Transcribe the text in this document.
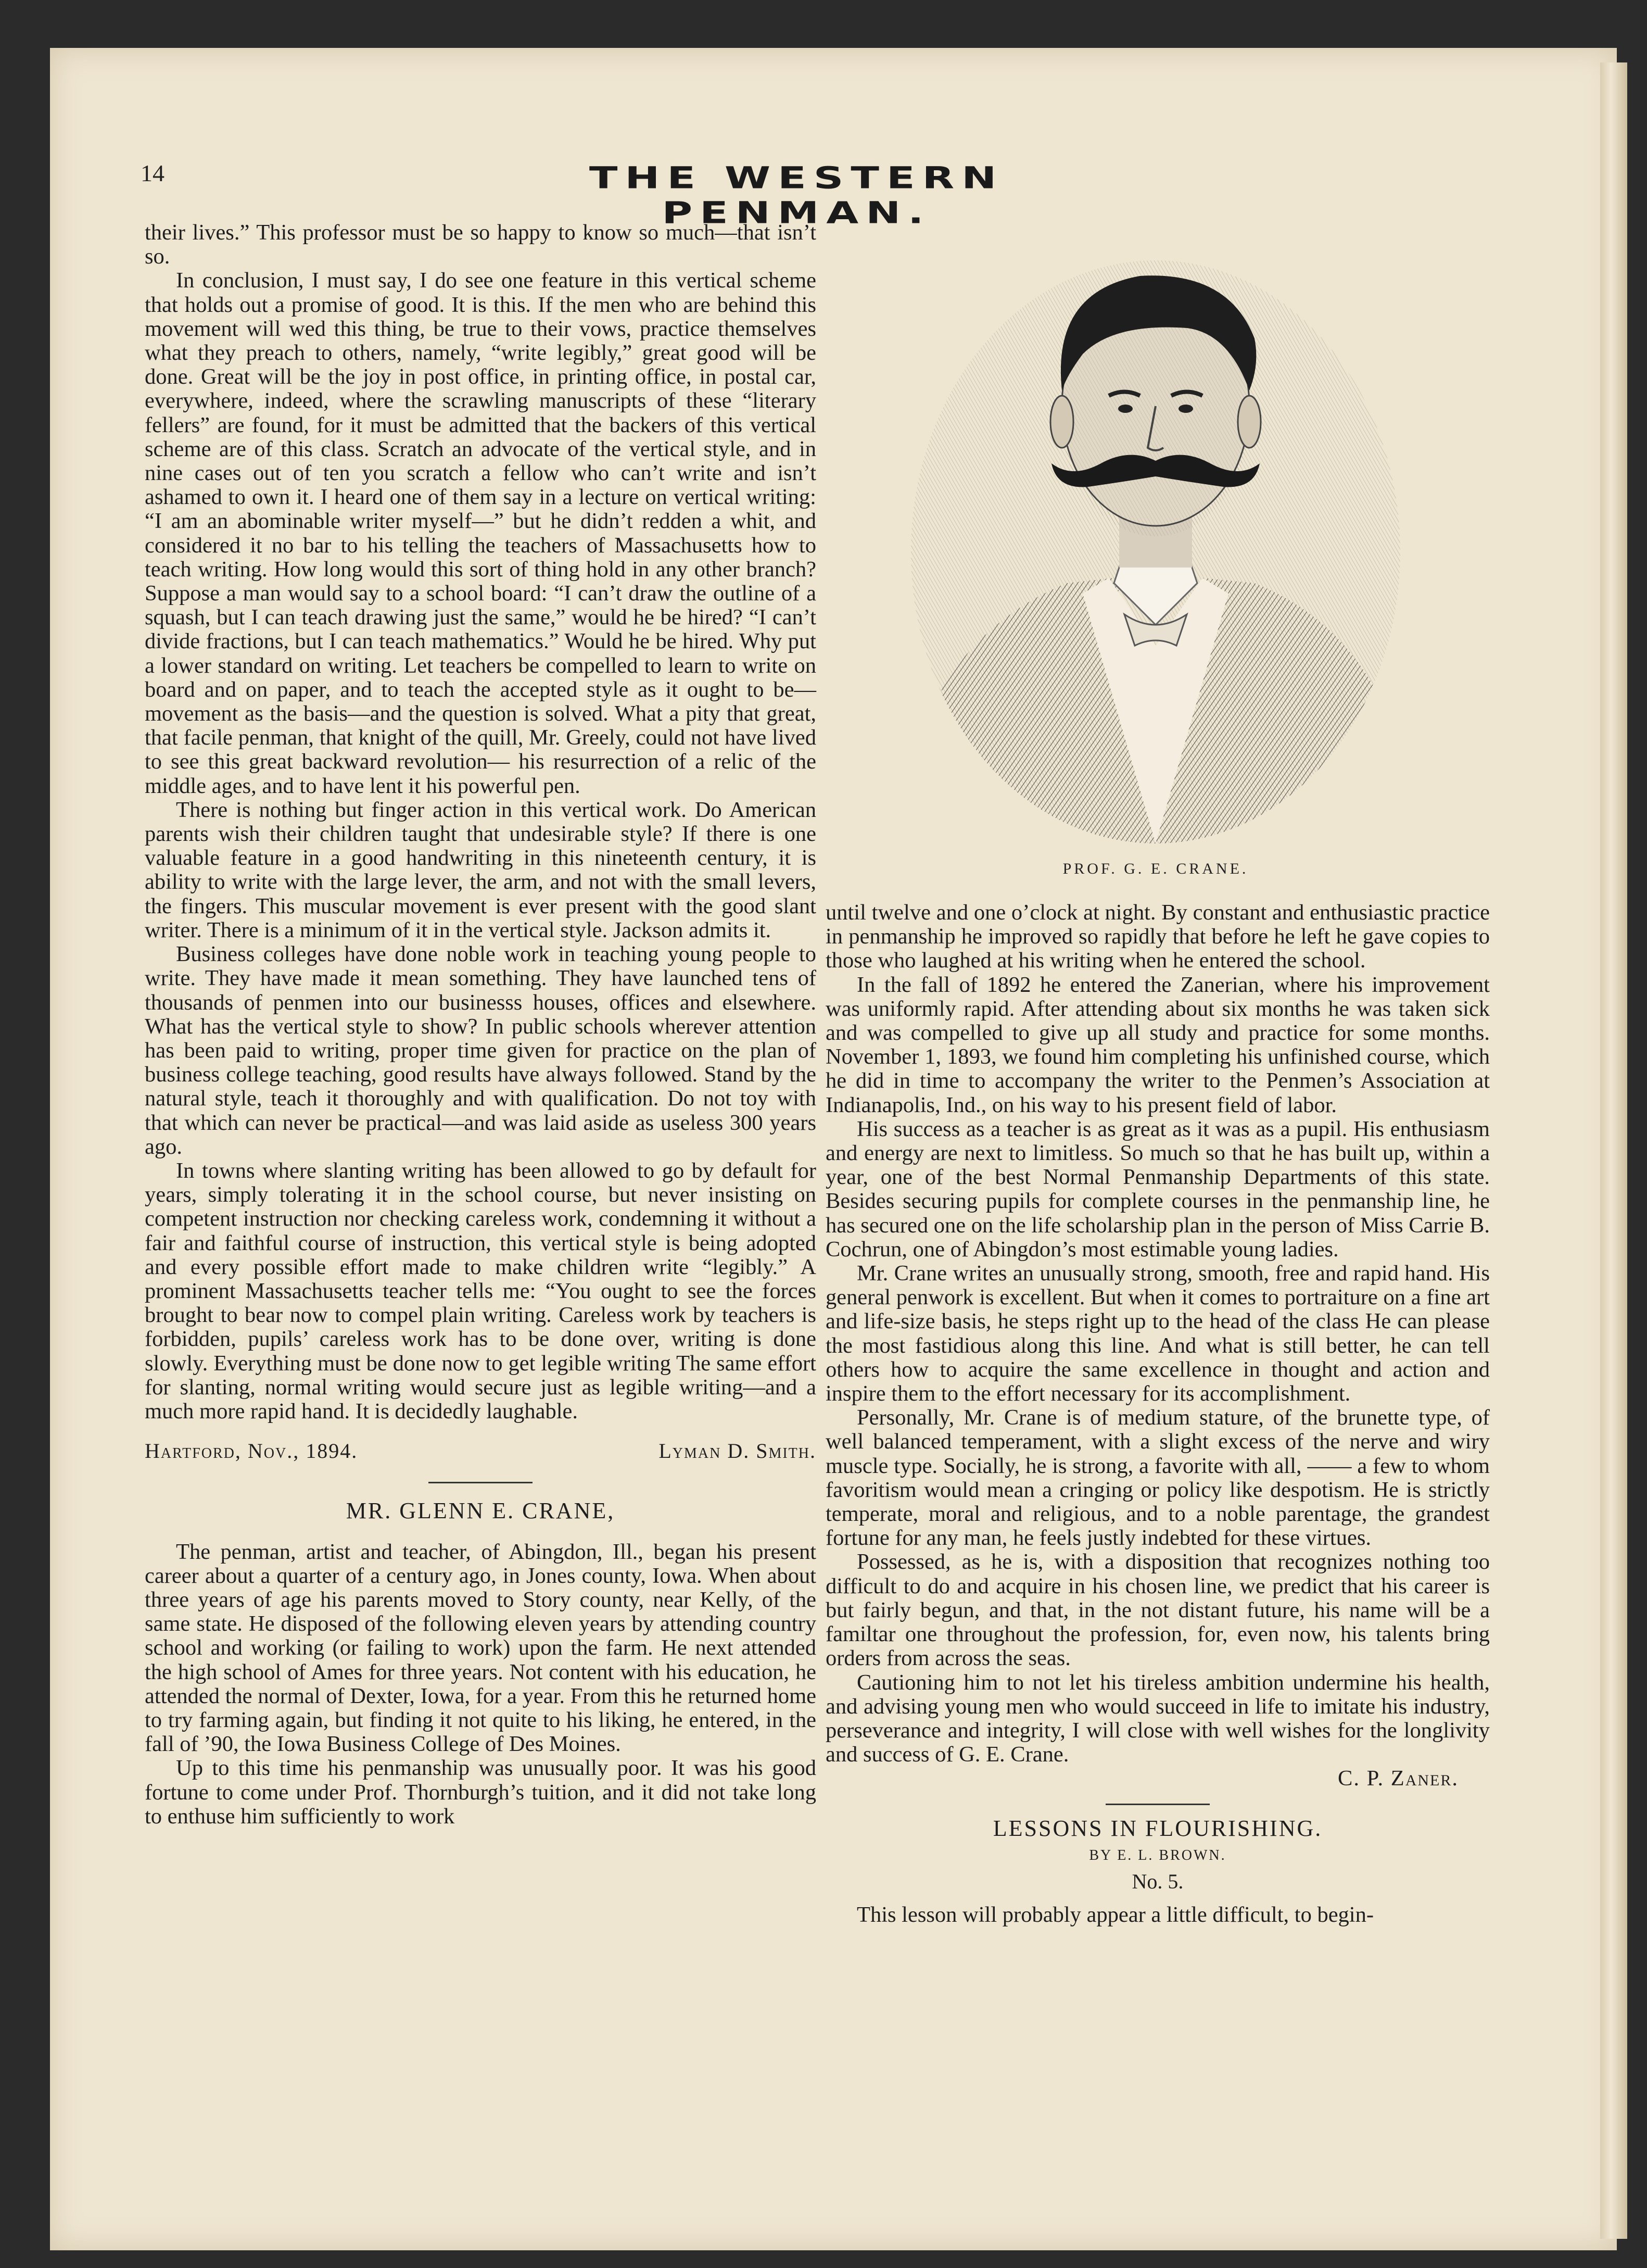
14	THE WESTERN PENMAN.

their lives.” This professor must be so happy to know so much—that isn’t so.

In conclusion, I must say, I do see one feature in this vertical scheme that holds out a promise of good. It is this. If the men who are behind this movement will wed this thing, be true to their vows, practice themselves what they preach to others, namely, “write legibly,” great good will be done. Great will be the joy in post office, in printing office, in postal car, everywhere, indeed, where the scrawling manuscripts of these “literary fellers” are found, for it must be admitted that the backers of this vertical scheme are of this class. Scratch an advocate of the vertical style, and in nine cases out of ten you scratch a fellow who can’t write and isn’t ashamed to own it. I heard one of them say in a lecture on vertical writing: “I am an abominable writer myself—” but he didn’t redden a whit, and considered it no bar to his telling the teachers of Massachusetts how to teach writing. How long would this sort of thing hold in any other branch? Suppose a man would say to a school board: “I can’t draw the outline of a squash, but I can teach drawing just the same,” would he be hired? “I can’t divide fractions, but I can teach mathematics.” Would he be hired. Why put a lower standard on writing. Let teachers be compelled to learn to write on board and on paper, and to teach the accepted style as it ought to be—movement as the basis—and the question is solved. What a pity that great, that facile penman, that knight of the quill, Mr. Greely, could not have lived to see this great backward revolution— his resurrection of a relic of the middle ages, and to have lent it his powerful pen.

There is nothing but finger action in this vertical work. Do American parents wish their children taught that undesirable style? If there is one valuable feature in a good handwriting in this nineteenth century, it is ability to write with the large lever, the arm, and not with the small levers, the fingers. This muscular movement is ever present with the good slant writer. There is a minimum of it in the vertical style. Jackson admits it.

Business colleges have done noble work in teaching young people to write. They have made it mean something. They have launched tens of thousands of penmen into our businesss houses, offices and elsewhere. What has the vertical style to show? In public schools wherever attention has been paid to writing, proper time given for practice on the plan of business college teaching, good results have always followed. Stand by the natural style, teach it thoroughly and with qualification. Do not toy with that which can never be practical—and was laid aside as useless 300 years ago.

In towns where slanting writing has been allowed to go by default for years, simply tolerating it in the school course, but never insisting on competent instruction nor checking careless work, condemning it without a fair and faithful course of instruction, this vertical style is being adopted and every possible effort made to make children write “legibly.” A prominent Massachusetts teacher tells me: “You ought to see the forces brought to bear now to compel plain writing. Careless work by teachers is forbidden, pupils’ careless work has to be done over, writing is done slowly. Everything must be done now to get legible writing The same effort for slanting, normal writing would secure just as legible writing—and a much more rapid hand. It is decidedly laughable.

Hartford, Nov., 1894.	Lyman D. Smith.
MR. GLENN E. CRANE,

The penman, artist and teacher, of Abingdon, Ill., began his present career about a quarter of a century ago, in Jones county, Iowa. When about three years of age his parents moved to Story county, near Kelly, of the same state. He disposed of the following eleven years by attending country school and working (or failing to work) upon the farm. He next attended the high school of Ames for three years. Not content with his education, he attended the normal of Dexter, Iowa, for a year. From this he returned home to try farming again, but finding it not quite to his liking, he entered, in the fall of ’90, the Iowa Business College of Des Moines.

Up to this time his penmanship was unusually poor. It was his good fortune to come under Prof. Thornburgh’s tuition, and it did not take long to enthuse him sufficiently to work

PROF. G. E. CRANE.

until twelve and one o’clock at night. By constant and enthusiastic practice in penmanship he improved so rapidly that before he left he gave copies to those who laughed at his writing when he entered the school.

In the fall of 1892 he entered the Zanerian, where his improvement was uniformly rapid. After attending about six months he was taken sick and was compelled to give up all study and practice for some months. November 1, 1893, we found him completing his unfinished course, which he did in time to accompany the writer to the Penmen’s Association at Indianapolis, Ind., on his way to his present field of labor.

His success as a teacher is as great as it was as a pupil. His enthusiasm and energy are next to limitless. So much so that he has built up, within a year, one of the best Normal Penmanship Departments of this state. Besides securing pupils for complete courses in the penmanship line, he has secured one on the life scholarship plan in the person of Miss Carrie B. Cochrun, one of Abingdon’s most estimable young ladies.

Mr. Crane writes an unusually strong, smooth, free and rapid hand. His general penwork is excellent. But when it comes to portraiture on a fine art and life-size basis, he steps right up to the head of the class He can please the most fastidious along this line. And what is still better, he can tell others how to acquire the same excellence in thought and action and inspire them to the effort necessary for its accomplishment.

Personally, Mr. Crane is of medium stature, of the brunette type, of well balanced temperament, with a slight excess of the nerve and wiry muscle type. Socially, he is strong, a favorite with all, —— a few to whom favoritism would mean a cringing or policy like despotism. He is strictly temperate, moral and religious, and to a noble parentage, the grandest fortune for any man, he feels justly indebted for these virtues.

Possessed, as he is, with a disposition that recognizes nothing too difficult to do and acquire in his chosen line, we predict that his career is but fairly begun, and that, in the not distant future, his name will be a familtar one throughout the profession, for, even now, his talents bring orders from across the seas.

Cautioning him to not let his tireless ambition undermine his health, and advising young men who would succeed in life to imitate his industry, perseverance and integrity, I will close with well wishes for the longlivity and success of G. E. Crane.

C. P. Zaner.
LESSONS IN FLOURISHING.
BY E. L. BROWN.
No. 5.

This lesson will probably appear a little difficult, to begin-
